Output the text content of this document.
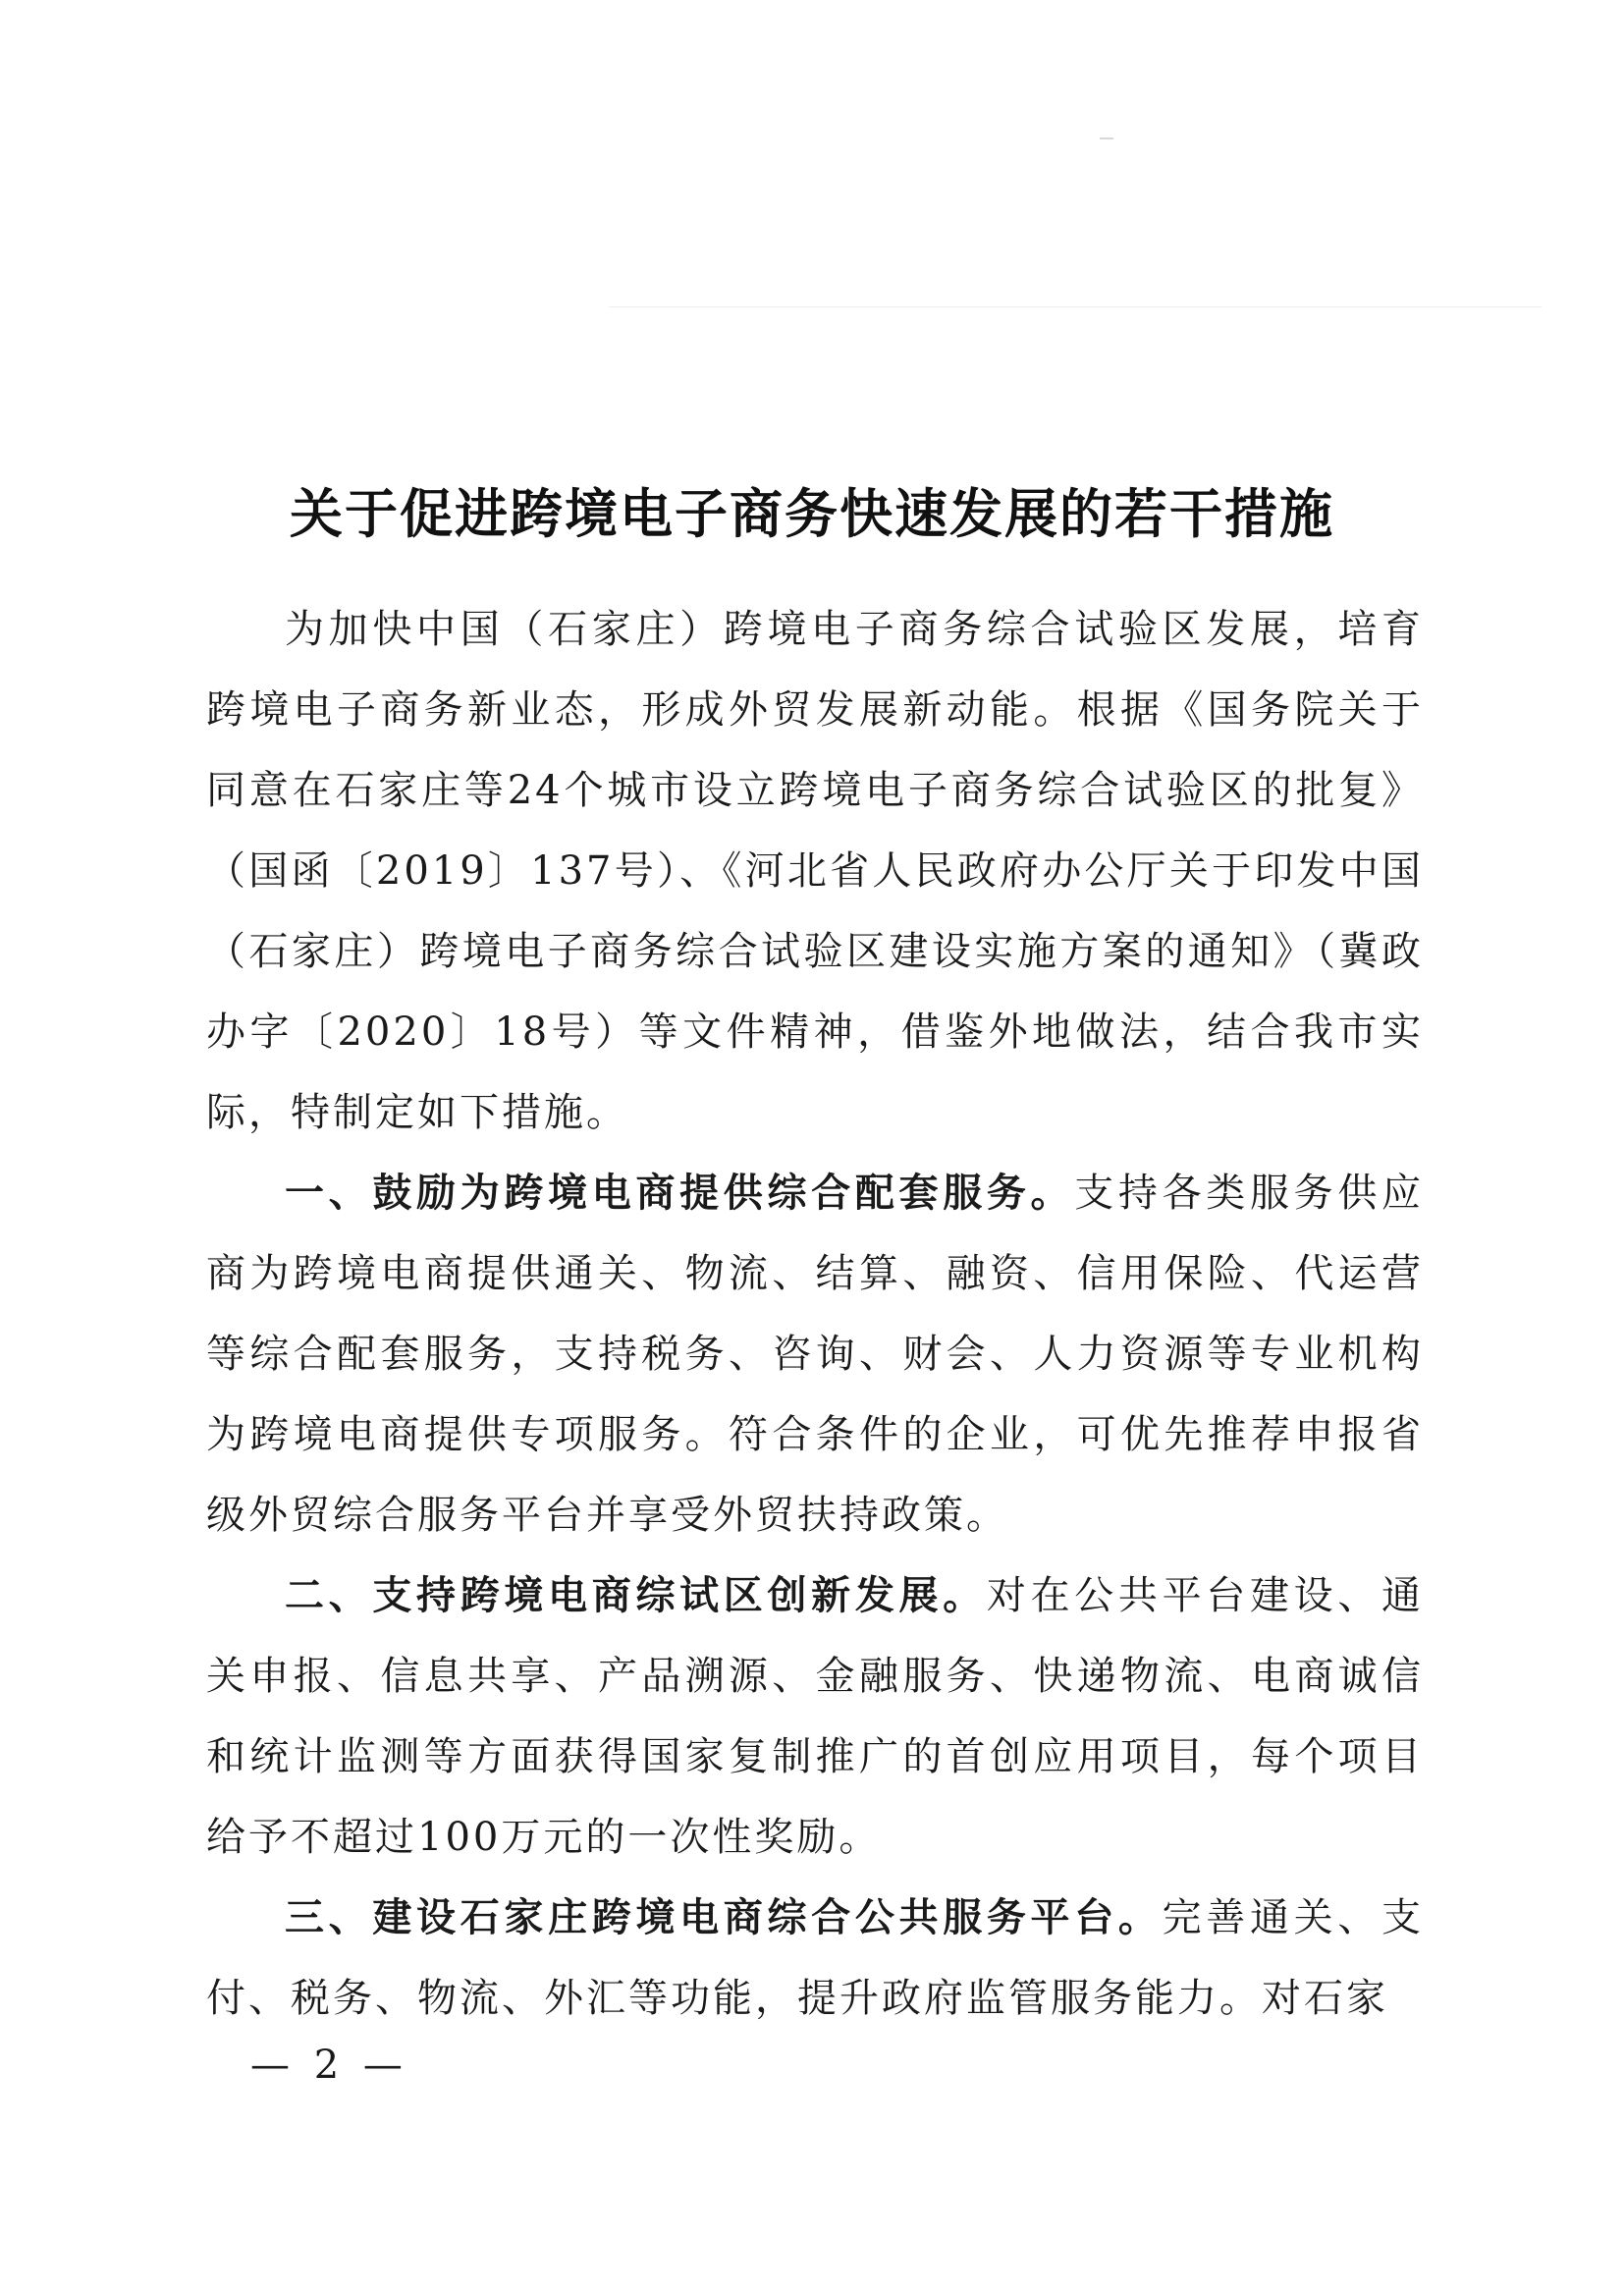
关于促进跨境电子商务快速发展的若干措施

为加快中国（石家庄）跨境电子商务综合试验区发展，培育跨境电子商务新业态，形成外贸发展新动能。根据《国务院关于同意在石家庄等24个城市设立跨境电子商务综合试验区的批复》（国函〔2019〕137号）、《河北省人民政府办公厅关于印发中国（石家庄）跨境电子商务综合试验区建设实施方案的通知》（冀政办字〔2020〕18号）等文件精神，借鉴外地做法，结合我市实际，特制定如下措施。

一、鼓励为跨境电商提供综合配套服务。支持各类服务供应商为跨境电商提供通关、物流、结算、融资、信用保险、代运营等综合配套服务，支持税务、咨询、财会、人力资源等专业机构为跨境电商提供专项服务。符合条件的企业，可优先推荐申报省级外贸综合服务平台并享受外贸扶持政策。

二、支持跨境电商综试区创新发展。对在公共平台建设、通关申报、信息共享、产品溯源、金融服务、快递物流、电商诚信和统计监测等方面获得国家复制推广的首创应用项目，每个项目给予不超过100万元的一次性奖励。

三、建设石家庄跨境电商综合公共服务平台。完善通关、支付、税务、物流、外汇等功能，提升政府监管服务能力。对石家

— 2 —
